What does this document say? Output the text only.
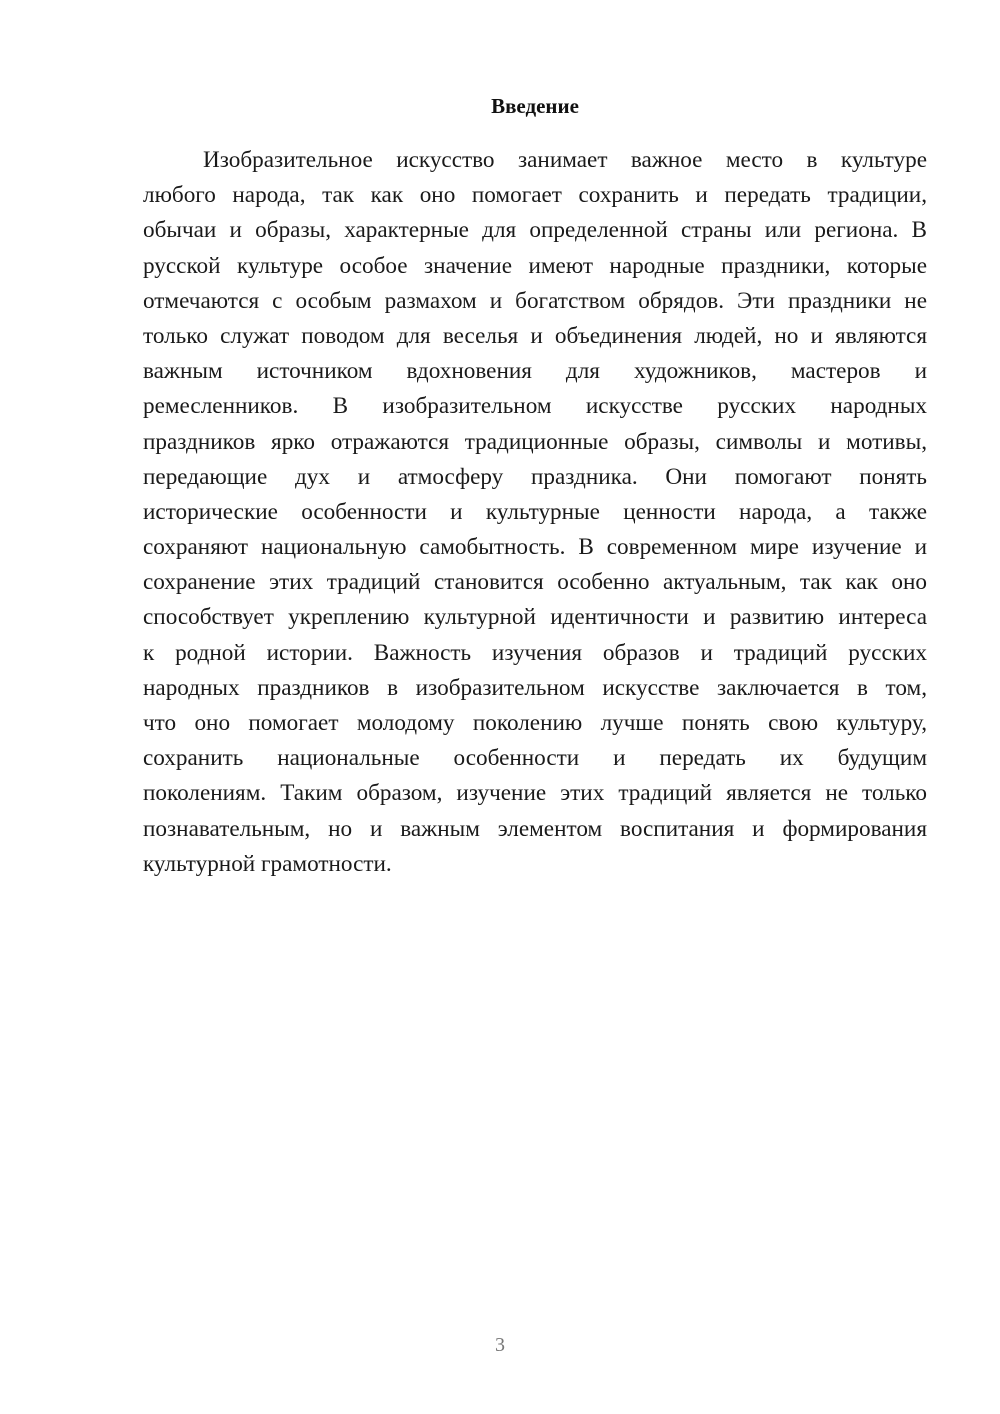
Введение
Изобразительное искусство занимает важное место в культуре
любого народа, так как оно помогает сохранить и передать традиции,
обычаи и образы, характерные для определенной страны или региона. В
русской культуре особое значение имеют народные праздники, которые
отмечаются с особым размахом и богатством обрядов. Эти праздники не
только служат поводом для веселья и объединения людей, но и являются
важным источником вдохновения для художников, мастеров и
ремесленников. В изобразительном искусстве русских народных
праздников ярко отражаются традиционные образы, символы и мотивы,
передающие дух и атмосферу праздника. Они помогают понять
исторические особенности и культурные ценности народа, а также
сохраняют национальную самобытность. В современном мире изучение и
сохранение этих традиций становится особенно актуальным, так как оно
способствует укреплению культурной идентичности и развитию интереса
к родной истории. Важность изучения образов и традиций русских
народных праздников в изобразительном искусстве заключается в том,
что оно помогает молодому поколению лучше понять свою культуру,
сохранить национальные особенности и передать их будущим
поколениям. Таким образом, изучение этих традиций является не только
познавательным, но и важным элементом воспитания и формирования
культурной грамотности.
3
